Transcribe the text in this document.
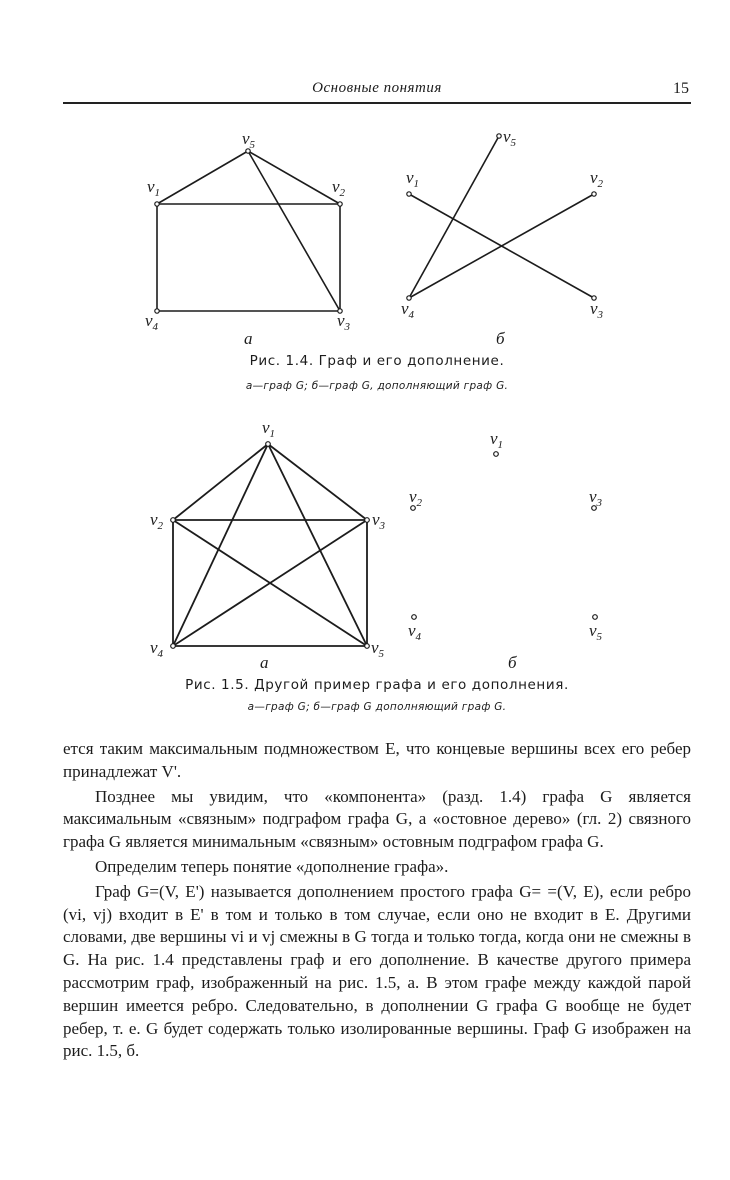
Основные понятия	15
$v_5$
$v_1$	$v_2$
$v_4$	$v_3$
а
$v_5$
$v_1$	$v_2$
$v_4$	$v_3$
б
$v_1$
$v_2$	$v_3$
$v_4$	$v_5$
а
$v_1$
$v_2$	$v_3$
$v_4$	$v_5$
б
Рис. 1.4. Граф и его дополнение.
а—граф G; б—граф G, дополняющий граф G.
Рис. 1.5. Другой пример графа и его дополнения.
а—граф G; б—граф G дополняющий граф G.

ется таким максимальным подмножеством E, что концевые вершины всех его ребер принадлежат V'.

Позднее мы увидим, что «компонента» (разд. 1.4) графа G является максимальным «связным» подграфом графа G, а «остовное дерево» (гл. 2) связного графа G является минимальным «связным» остовным подграфом графа G.

Определим теперь понятие «дополнение графа».

Граф G=(V, E') называется дополнением простого графа G= =(V, E), если ребро (vi, vj) входит в E' в том и только в том случае, если оно не входит в E. Другими словами, две вершины vi и vj смежны в G тогда и только тогда, когда они не смежны в G. На рис. 1.4 представлены граф и его дополнение. В качестве другого примера рассмотрим граф, изображенный на рис. 1.5, а. В этом графе между каждой парой вершин имеется ребро. Следовательно, в дополнении G графа G вообще не будет ребер, т. е. G будет содержать только изолированные вершины. Граф G изображен на рис. 1.5, б.
